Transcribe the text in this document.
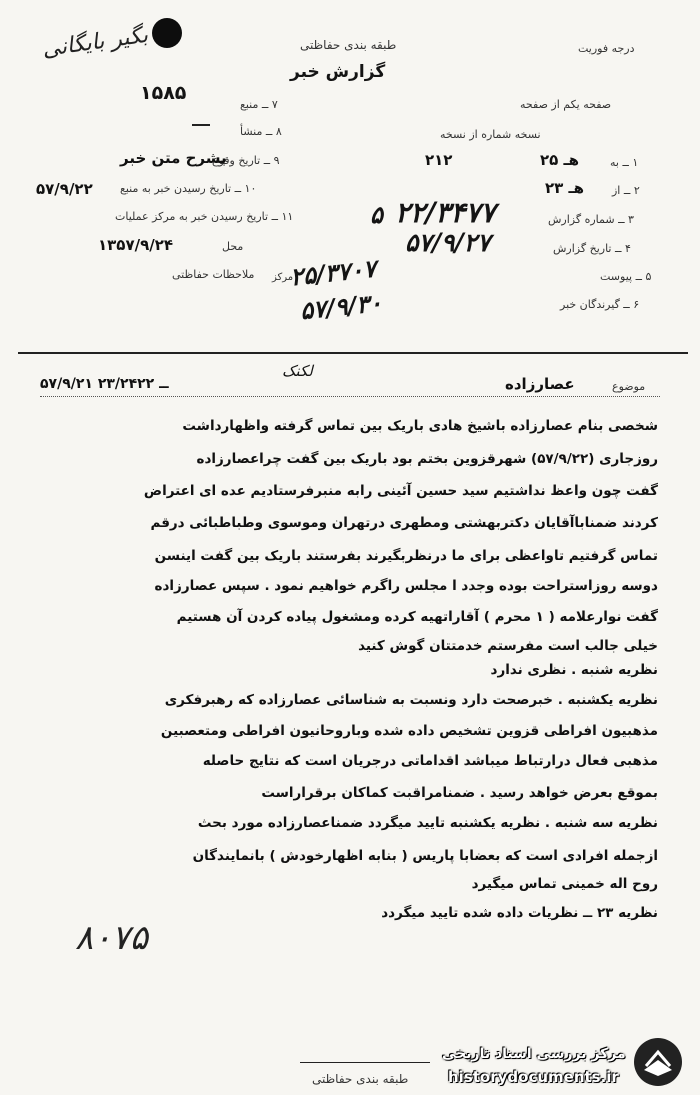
بگیر بایگانی	طبقه بندی حفاظتی
گزارش خبر
درجه فوریت
۱۵۸۵
۷ ــ منبع
۸ ــ منشأ
۹ ــ تاریخ وقوع
بشرح متن خبر
۱۰ ــ تاریخ رسیدن خبر به منبع
۵۷/۹/۲۲
۱۱ ــ تاریخ رسیدن خبر به مرکز عملیات
محل
۱۳۵۷/۹/۲۴
ملاحظات حفاظتی
صفحه یکم از صفحه
نسخه شماره از نسخه
۱ ــ به
۲۵ هـ
۲۱۲
۲ ــ از
۲۳ هـ
۳ ــ شماره گزارش
۲۲/۳۴۷۷
۵
۴ ــ تاریخ گزارش
۵۷/۹/۲۷
۵ ــ پیوست
۶ ــ گیرندگان خبر
۲۵/۳۷۰۷
مرکز
۵۷/۹/۳۰
موضوع
عصارزاده
۵۷/۹/۲۱ ــ ۲۳/۲۴۲۲
لکنک
شخصی بنام عصارزاده باشیخ هادی باریک بین تماس گرفته واظهارداشت
روزجاری (۵۷/۹/۲۲) شهرقزوین بختم بود باریک بین گفت چراعصارزاده
گفت چون واعظ نداشتیم سید حسین آئینی رابه منبرفرستادیم عده ای اعتراض
کردند ضمناباآقایان دکتربهشتی ومطهری درتهران وموسوی وطباطبائی درقم
تماس گرفتیم تاواعظی برای ما درنظربگیرند بفرستند باریک بین گفت اینسن
دوسه روزاستراحت بوده وجدد ا مجلس راگرم خواهیم نمود . سپس عصارزاده
گفت نوارعلامه ( ۱ محرم ) آقاراتهیه کرده ومشغول پیاده کردن آن هستیم
خیلی جالب است مفرستم خدمتتان گوش کنید
نظریه شنبه . نظری ندارد
نظریه یکشنبه . خبرصحت دارد ونسبت به شناسائی عصارزاده که رهبرفکری
مذهبیون افراطی قزوین تشخیص داده شده وباروحانیون افراطی ومتعصبین
مذهبی فعال درارتباط میباشد اقداماتی درجریان است که نتایج حاصله
بموقع بعرض خواهد رسید . ضمنامراقبت کماکان برقراراست
نظریه سه شنبه . نظریه یکشنبه تایید میگردد ضمناعصارزاده مورد بحث
ازجمله افرادی است که بعضابا پاریس ( بنابه اظهارخودش ) بانمایندگان
روح اله خمینی تماس میگیرد
نظریه ۲۳ ــ نظریات داده شده تایید میگردد
۸۰۷۵
طبقه بندی حفاظتی
مرکز بررسی اسناد تاریخی
historydocuments.ir
